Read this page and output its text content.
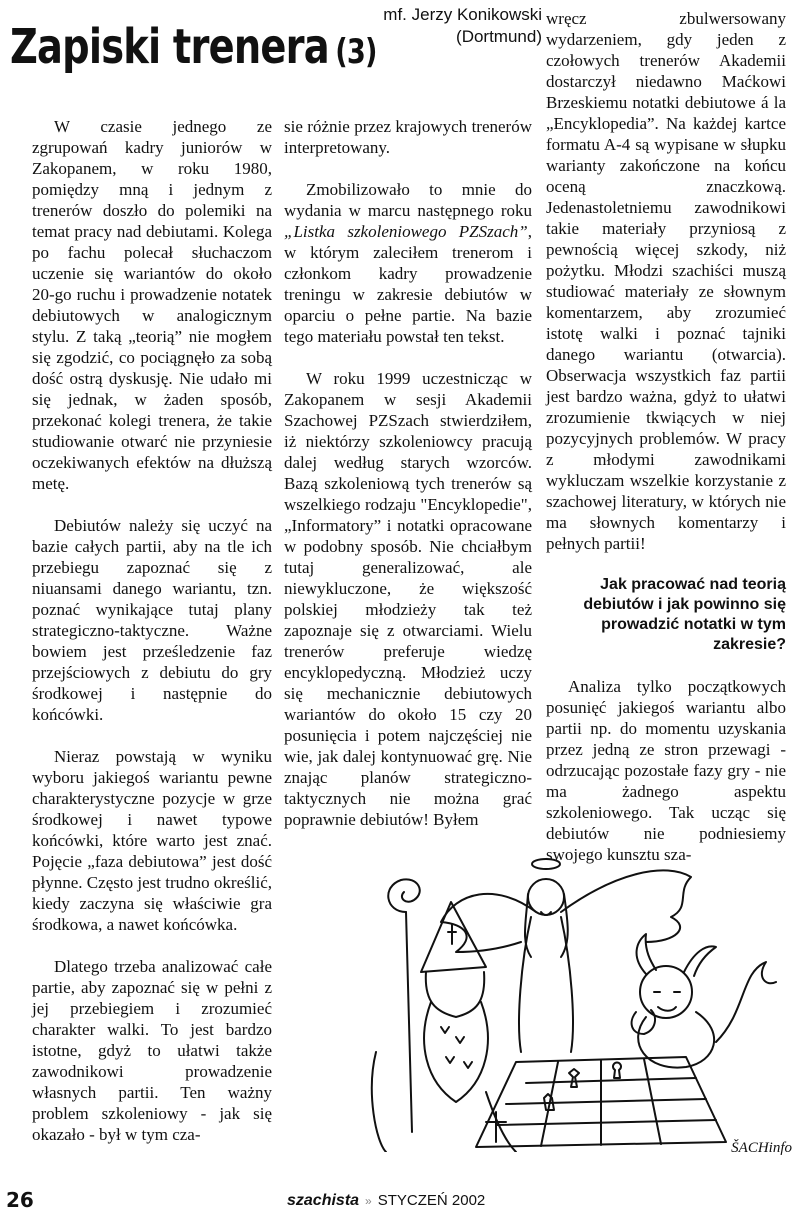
Zapiski trenera (3)
mf. Jerzy Konikowski
(Dortmund)

W czasie jednego ze zgrupowań kadry juniorów w Zakopanem, w roku 1980, pomiędzy mną i jednym z trenerów doszło do polemiki na temat pracy nad debiutami. Kolega po fachu polecał słuchaczom uczenie się wariantów do około 20-go ruchu i prowadzenie notatek debiutowych w analogicznym stylu. Z taką „teorią” nie mogłem się zgodzić, co pociągnęło za sobą dość ostrą dyskusję. Nie udało mi się jednak, w żaden sposób, przekonać kolegi trenera, że takie studiowanie otwarć nie przyniesie oczekiwanych efektów na dłuższą metę.

Debiutów należy się uczyć na bazie całych partii, aby na tle ich przebiegu zapoznać się z niuansami danego wariantu, tzn. poznać wynikające tutaj plany strategiczno-taktyczne. Ważne bowiem jest prześledzenie faz przejściowych z debiutu do gry środkowej i następnie do końcówki.

Nieraz powstają w wyniku wyboru jakiegoś wariantu pewne charakterystyczne pozycje w grze środkowej i nawet typowe końcówki, które warto jest znać. Pojęcie „faza debiutowa” jest dość płynne. Często jest trudno określić, kiedy zaczyna się właściwie gra środkowa, a nawet końcówka.

Dlatego trzeba analizować całe partie, aby zapoznać się w pełni z jej przebiegiem i zrozumieć charakter walki. To jest bardzo istotne, gdyż to ułatwi także zawodnikowi prowadzenie własnych partii. Ten ważny problem szkoleniowy - jak się okazało - był w tym cza-

sie różnie przez krajowych trenerów interpretowany.

Zmobilizowało to mnie do wydania w marcu następnego roku „Listka szkoleniowego PZSzach”, w którym zaleciłem trenerom i członkom kadry prowadzenie treningu w zakresie debiutów w oparciu o pełne partie. Na bazie tego materiału powstał ten tekst.

W roku 1999 uczestnicząc w Zakopanem w sesji Akademii Szachowej PZSzach stwierdziłem, iż niektórzy szkoleniowcy pracują dalej według starych wzorców. Bazą szkoleniową tych trenerów są wszelkiego rodzaju "Encyklopedie", „Informatory” i notatki opracowane w podobny sposób. Nie chciałbym tutaj generalizować, ale niewykluczone, że większość polskiej młodzieży tak też zapoznaje się z otwarciami. Wielu trenerów preferuje wiedzę encyklopedyczną. Młodzież uczy się mechanicznie debiutowych wariantów do około 15 czy 20 posunięcia i potem najczęściej nie wie, jak dalej kontynuować grę. Nie znając planów strategiczno-taktycznych nie można grać poprawnie debiutów! Byłem

wręcz zbulwersowany wydarzeniem, gdy jeden z czołowych trenerów Akademii dostarczył niedawno Maćkowi Brzeskiemu notatki debiutowe á la „Encyklopedia”. Na każdej kartce formatu A-4 są wypisane w słupku warianty zakończone na końcu oceną znaczkową. Jedenastoletniemu zawodnikowi takie materiały przyniosą z pewnością więcej szkody, niż pożytku. Młodzi szachiści muszą studiować materiały ze słownym komentarzem, aby zrozumieć istotę walki i poznać tajniki danego wariantu (otwarcia). Obserwacja wszystkich faz partii jest bardzo ważna, gdyż to ułatwi zrozumienie tkwiących w niej pozycyjnych problemów. W pracy z młodymi zawodnikami wykluczam wszelkie korzystanie z szachowej literatury, w których nie ma słownych komentarzy i pełnych partii!

Jak pracować nad teorią debiutów i jak powinno się prowadzić notatki w tym zakresie?

Analiza tylko początkowych posunięć jakiegoś wariantu albo partii np. do momentu uzyskania przez jedną ze stron przewagi - odrzucając pozostałe fazy gry - nie ma żadnego aspektu szkoleniowego. Tak ucząc się debiutów nie podniesiemy swojego kunsztu sza-

ŠACHinfo
26	szachista » STYCZEŃ 2002
